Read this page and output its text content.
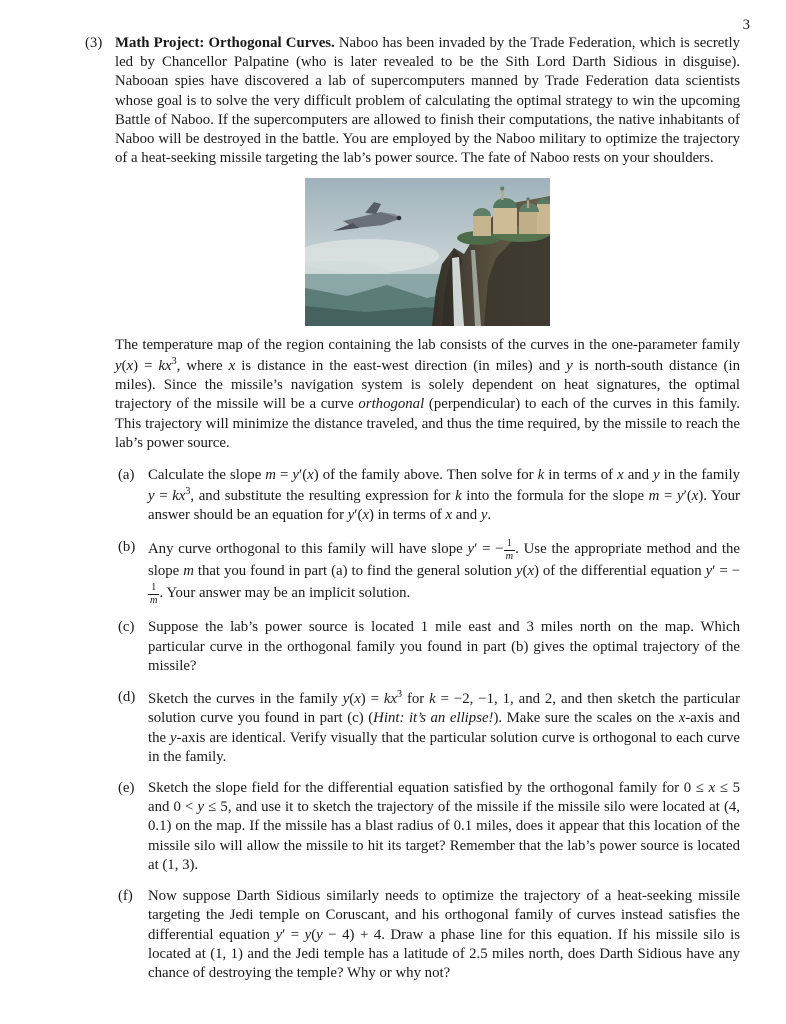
3
(3) Math Project: Orthogonal Curves. Naboo has been invaded by the Trade Federation, which is secretly led by Chancellor Palpatine (who is later revealed to be the Sith Lord Darth Sidious in disguise). Nabooan spies have discovered a lab of supercomputers manned by Trade Federation data scientists whose goal is to solve the very difficult problem of calculating the optimal strategy to win the upcoming Battle of Naboo. If the supercomputers are allowed to finish their computations, the native inhabitants of Naboo will be destroyed in the battle. You are employed by the Naboo military to optimize the trajectory of a heat-seeking missile targeting the lab’s power source. The fate of Naboo rests on your shoulders.

The temperature map of the region containing the lab consists of the curves in the one-parameter family $y(x) = kx^3$, where x is distance in the east-west direction (in miles) and y is north-south distance (in miles). Since the missile’s navigation system is solely dependent on heat signatures, the optimal trajectory of the missile will be a curve orthogonal (perpendicular) to each of the curves in this family. This trajectory will minimize the distance traveled, and thus the time required, by the missile to reach the lab’s power source.

(a) Calculate the slope m = y′(x) of the family above. Then solve for k in terms of x and y in the family $y = kx^3$, and substitute the resulting expression for k into the formula for the slope m = y′(x). Your answer should be an equation for y′(x) in terms of x and y.
(b) Any curve orthogonal to this family will have slope y′ = − $\frac{1}{m}$ . Use the appropriate method and the slope m that you found in part (a) to find the general solution y(x) of the differential equation y′ = −
$\frac{1}{m}$ . Your answer may be an implicit solution.
(c) Suppose the lab’s power source is located 1 mile east and 3 miles north on the map. Which particular curve in the orthogonal family you found in part (b) gives the optimal trajectory of the missile?
(d) Sketch the curves in the family $y(x) = kx^3$ for k = −2, −1, 1, and 2, and then sketch the particular solution curve you found in part (c) (Hint: it’s an ellipse!). Make sure the scales on the x-axis and the y-axis are identical. Verify visually that the particular solution curve is orthogonal to each curve in the family.
(e) Sketch the slope field for the differential equation satisfied by the orthogonal family for 0 ≤ x ≤ 5 and 0 < y ≤ 5, and use it to sketch the trajectory of the missile if the missile silo were located at (4, 0.1) on the map. If the missile has a blast radius of 0.1 miles, does it appear that this location of the missile silo will allow the missile to hit its target? Remember that the lab’s power source is located at (1, 3).
(f) Now suppose Darth Sidious similarly needs to optimize the trajectory of a heat-seeking missile targeting the Jedi temple on Coruscant, and his orthogonal family of curves instead satisfies the differential equation y′ = y(y − 4) + 4. Draw a phase line for this equation. If his missile silo is located at (1, 1) and the Jedi temple has a latitude of 2.5 miles north, does Darth Sidious have any chance of destroying the temple? Why or why not?
